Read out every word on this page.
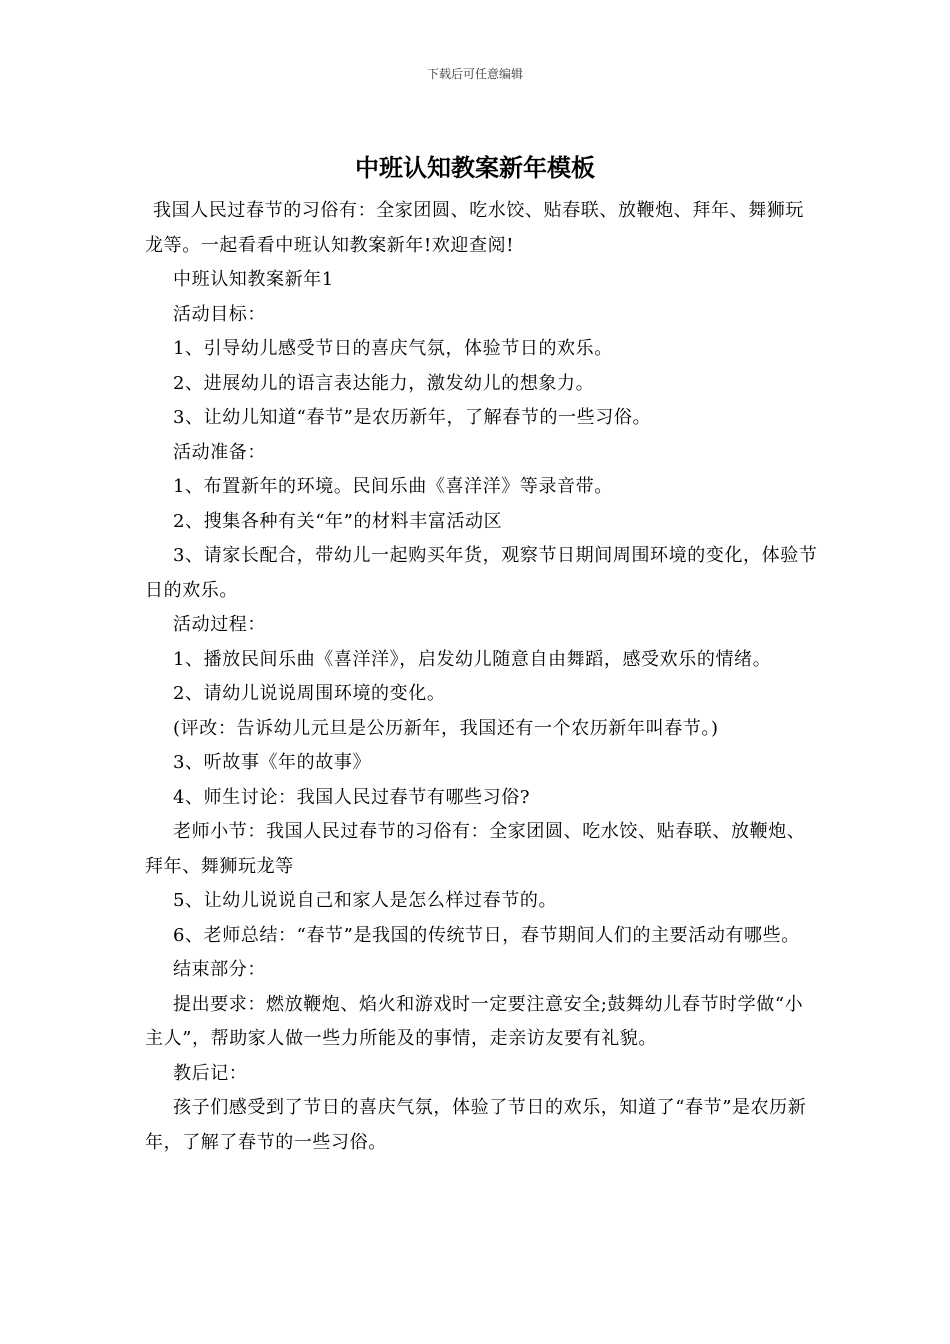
下载后可任意编辑
中班认知教案新年模板

我国人民过春节的习俗有：全家团圆、吃水饺、贴春联、放鞭炮、拜年、舞狮玩龙等。一起看看中班认知教案新年!欢迎查阅!

中班认知教案新年1

活动目标：

1、引导幼儿感受节日的喜庆气氛，体验节日的欢乐。

2、进展幼儿的语言表达能力，激发幼儿的想象力。

3、让幼儿知道“春节”是农历新年，了解春节的一些习俗。

活动准备：

1、布置新年的环境。民间乐曲《喜洋洋》等录音带。

2、搜集各种有关“年”的材料丰富活动区

3、请家长配合，带幼儿一起购买年货，观察节日期间周围环境的变化，体验节日的欢乐。

活动过程：

1、播放民间乐曲《喜洋洋》，启发幼儿随意自由舞蹈，感受欢乐的情绪。

2、请幼儿说说周围环境的变化。

(评改：告诉幼儿元旦是公历新年，我国还有一个农历新年叫春节。)

3、听故事《年的故事》

4、师生讨论：我国人民过春节有哪些习俗?

老师小节：我国人民过春节的习俗有：全家团圆、吃水饺、贴春联、放鞭炮、拜年、舞狮玩龙等

5、让幼儿说说自己和家人是怎么样过春节的。

6、老师总结：“春节”是我国的传统节日，春节期间人们的主要活动有哪些。

结束部分：

提出要求：燃放鞭炮、焰火和游戏时一定要注意安全;鼓舞幼儿春节时学做“小主人”，帮助家人做一些力所能及的事情，走亲访友要有礼貌。

教后记：

孩子们感受到了节日的喜庆气氛，体验了节日的欢乐，知道了“春节”是农历新年，了解了春节的一些习俗。
